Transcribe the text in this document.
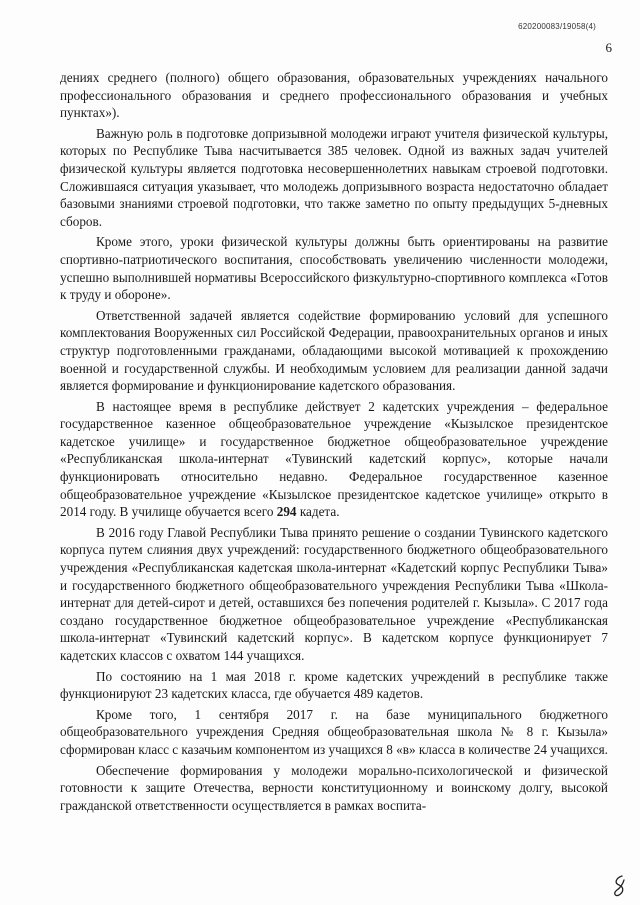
620200083/19058(4)
6

дениях среднего (полного) общего образования, образовательных учреждениях начального профессионального образования и среднего профессионального образования и учебных пунктах»).

Важную роль в подготовке допризывной молодежи играют учителя физической культуры, которых по Республике Тыва насчитывается 385 человек. Одной из важных задач учителей физической культуры является подготовка несовершеннолетних навыкам строевой подготовки. Сложившаяся ситуация указывает, что молодежь допризывного возраста недостаточно обладает базовыми знаниями строевой подготовки, что также заметно по опыту предыдущих 5-дневных сборов.

Кроме этого, уроки физической культуры должны быть ориентированы на развитие спортивно-патриотического воспитания, способствовать увеличению численности молодежи, успешно выполнившей нормативы Всероссийского физкультурно-спортивного комплекса «Готов к труду и обороне».

Ответственной задачей является содействие формированию условий для успешного комплектования Вооруженных сил Российской Федерации, правоохранительных органов и иных структур подготовленными гражданами, обладающими высокой мотивацией к прохождению военной и государственной службы. И необходимым условием для реализации данной задачи является формирование и функционирование кадетского образования.

В настоящее время в республике действует 2 кадетских учреждения – федеральное государственное казенное общеобразовательное учреждение «Кызылское президентское кадетское училище» и государственное бюджетное общеобразовательное учреждение «Республиканская школа-интернат «Тувинский кадетский корпус», которые начали функционировать относительно недавно. Федеральное государственное казенное общеобразовательное учреждение «Кызылское президентское кадетское училище» открыто в 2014 году. В училище обучается всего 294 кадета.

В 2016 году Главой Республики Тыва принято решение о создании Тувинского кадетского корпуса путем слияния двух учреждений: государственного бюджетного общеобразовательного учреждения «Республиканская кадетская школа-интернат «Кадетский корпус Республики Тыва» и государственного бюджетного общеобразовательного учреждения Республики Тыва «Школа-интернат для детей-сирот и детей, оставшихся без попечения родителей г. Кызыла». С 2017 года создано государственное бюджетное общеобразовательное учреждение «Республиканская школа-интернат «Тувинский кадетский корпус». В кадетском корпусе функционирует 7 кадетских классов с охватом 144 учащихся.

По состоянию на 1 мая 2018 г. кроме кадетских учреждений в республике также функционируют 23 кадетских класса, где обучается 489 кадетов.

Кроме того, 1 сентября 2017 г. на базе муниципального бюджетного общеобразовательного учреждения Средняя общеобразовательная школа № 8 г. Кызыла» сформирован класс с казачьим компонентом из учащихся 8 «в» класса в количестве 24 учащихся.

Обеспечение формирования у молодежи морально-психологической и физической готовности к защите Отечества, верности конституционному и воинскому долгу, высокой гражданской ответственности осуществляется в рамках воспита-
